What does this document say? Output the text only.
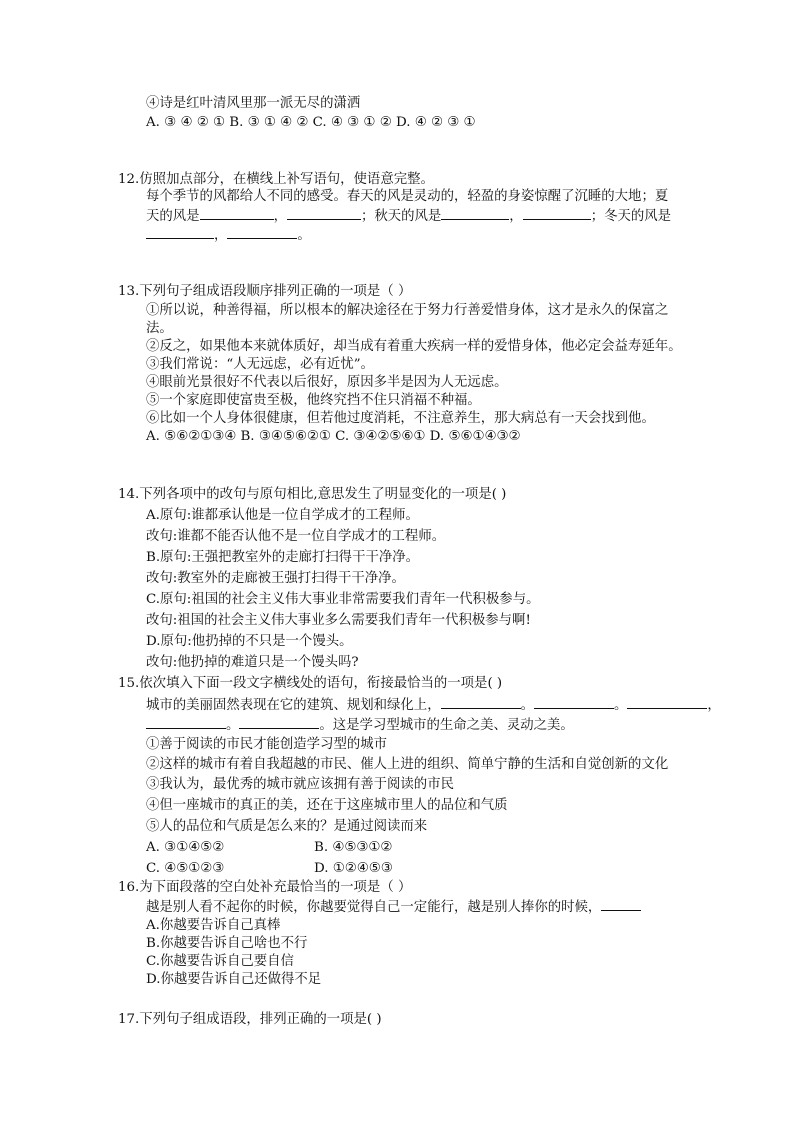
④诗是红叶清风里那一派无尽的潇洒
A. ③ ④ ② ① B. ③ ① ④ ② C. ④ ③ ① ② D. ④ ② ③ ①
12.仿照加点部分，在横线上补写语句，使语意完整。
每个季节的风都给人不同的感受。春天的风是灵动的，轻盈的身姿惊醒了沉睡的大地；夏
天的风是	，	；秋天的风是	，	；冬天的风是
，	。
13.下列句子组成语段顺序排列正确的一项是（ ）
①所以说，种善得福，所以根本的解决途径在于努力行善爱惜身体，这才是永久的保富之
法。
②反之，如果他本来就体质好，却当成有着重大疾病一样的爱惜身体，他必定会益寿延年。
③我们常说：“人无远虑，必有近忧”。
④眼前光景很好不代表以后很好，原因多半是因为人无远虑。
⑤一个家庭即使富贵至极，他终究挡不住只消福不种福。
⑥比如一个人身体很健康，但若他过度消耗，不注意养生，那大病总有一天会找到他。
A. ⑤⑥②①③④ B. ③④⑤⑥②① C. ③④②⑤⑥① D. ⑤⑥①④③②
14.下列各项中的改句与原句相比,意思发生了明显变化的一项是( )
A.原句:谁都承认他是一位自学成才的工程师。
改句:谁都不能否认他不是一位自学成才的工程师。
B.原句:王强把教室外的走廊打扫得干干净净。
改句:教室外的走廊被王强打扫得干干净净。
C.原句:祖国的社会主义伟大事业非常需要我们青年一代积极参与。
改句:祖国的社会主义伟大事业多么需要我们青年一代积极参与啊!
D.原句:他扔掉的不只是一个馒头。
改句:他扔掉的难道只是一个馒头吗?
15.依次填入下面一段文字横线处的语句，衔接最恰当的一项是( )
城市的美丽固然表现在它的建筑、规划和绿化上，	。	。	，
。	。这是学习型城市的生命之美、灵动之美。
①善于阅读的市民才能创造学习型的城市
②这样的城市有着自我超越的市民、催人上进的组织、简单宁静的生活和自觉创新的文化
③我认为，最优秀的城市就应该拥有善于阅读的市民
④但一座城市的真正的美，还在于这座城市里人的品位和气质
⑤人的品位和气质是怎么来的？是通过阅读而来
A. ③①④⑤②	B. ④⑤③①②
C. ④⑤①②③	D. ①②④⑤③
16.为下面段落的空白处补充最恰当的一项是（ ）
越是别人看不起你的时候，你越要觉得自己一定能行，越是别人捧你的时候，
A.你越要告诉自己真棒
B.你越要告诉自己啥也不行
C.你越要告诉自己要自信
D.你越要告诉自己还做得不足
17.下列句子组成语段，排列正确的一项是( )
